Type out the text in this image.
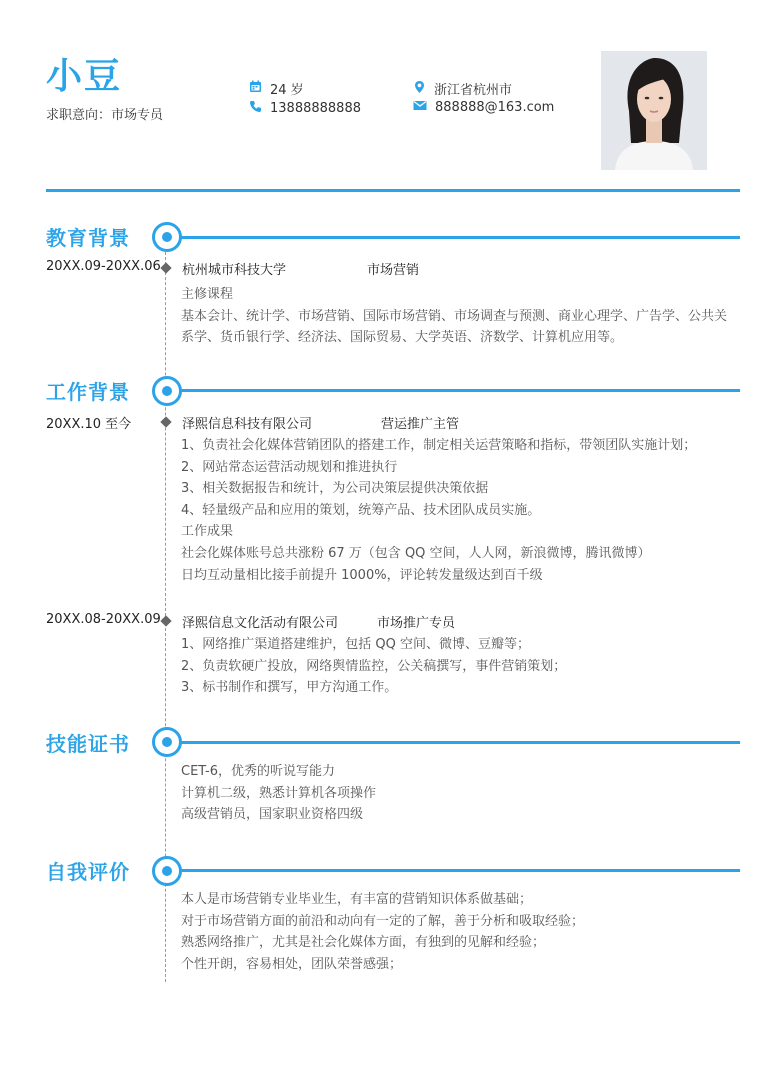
小豆
求职意向：市场专员
24 岁
13888888888
浙江省杭州市
888888@163.com
教育背景
20XX.09-20XX.06 杭州城市科技大学	市场营销
主修课程
基本会计、统计学、市场营销、国际市场营销、市场调查与预测、商业心理学、广告学、公共关系学、货币银行学、经济法、国际贸易、大学英语、济数学、计算机应用等。
工作背景
20XX.10 至今	泽熙信息科技有限公司	营运推广主管
1、负责社会化媒体营销团队的搭建工作，制定相关运营策略和指标，带领团队实施计划；
2、网站常态运营活动规划和推进执行
3、相关数据报告和统计，为公司决策层提供决策依据
4、轻量级产品和应用的策划，统筹产品、技术团队成员实施。
工作成果
社会化媒体账号总共涨粉 67 万（包含 QQ 空间，人人网，新浪微博，腾讯微博）
日均互动量相比接手前提升 1000%，评论转发量级达到百千级
20XX.08-20XX.09 泽熙信息文化活动有限公司	市场推广专员
1、网络推广渠道搭建维护，包括 QQ 空间、微博、豆瓣等；
2、负责软硬广投放，网络舆情监控，公关稿撰写，事件营销策划；
3、标书制作和撰写，甲方沟通工作。
技能证书
CET-6，优秀的听说写能力
计算机二级，熟悉计算机各项操作
高级营销员，国家职业资格四级
自我评价
本人是市场营销专业毕业生，有丰富的营销知识体系做基础；
对于市场营销方面的前沿和动向有一定的了解，善于分析和吸取经验；
熟悉网络推广，尤其是社会化媒体方面，有独到的见解和经验；
个性开朗，容易相处，团队荣誉感强；
